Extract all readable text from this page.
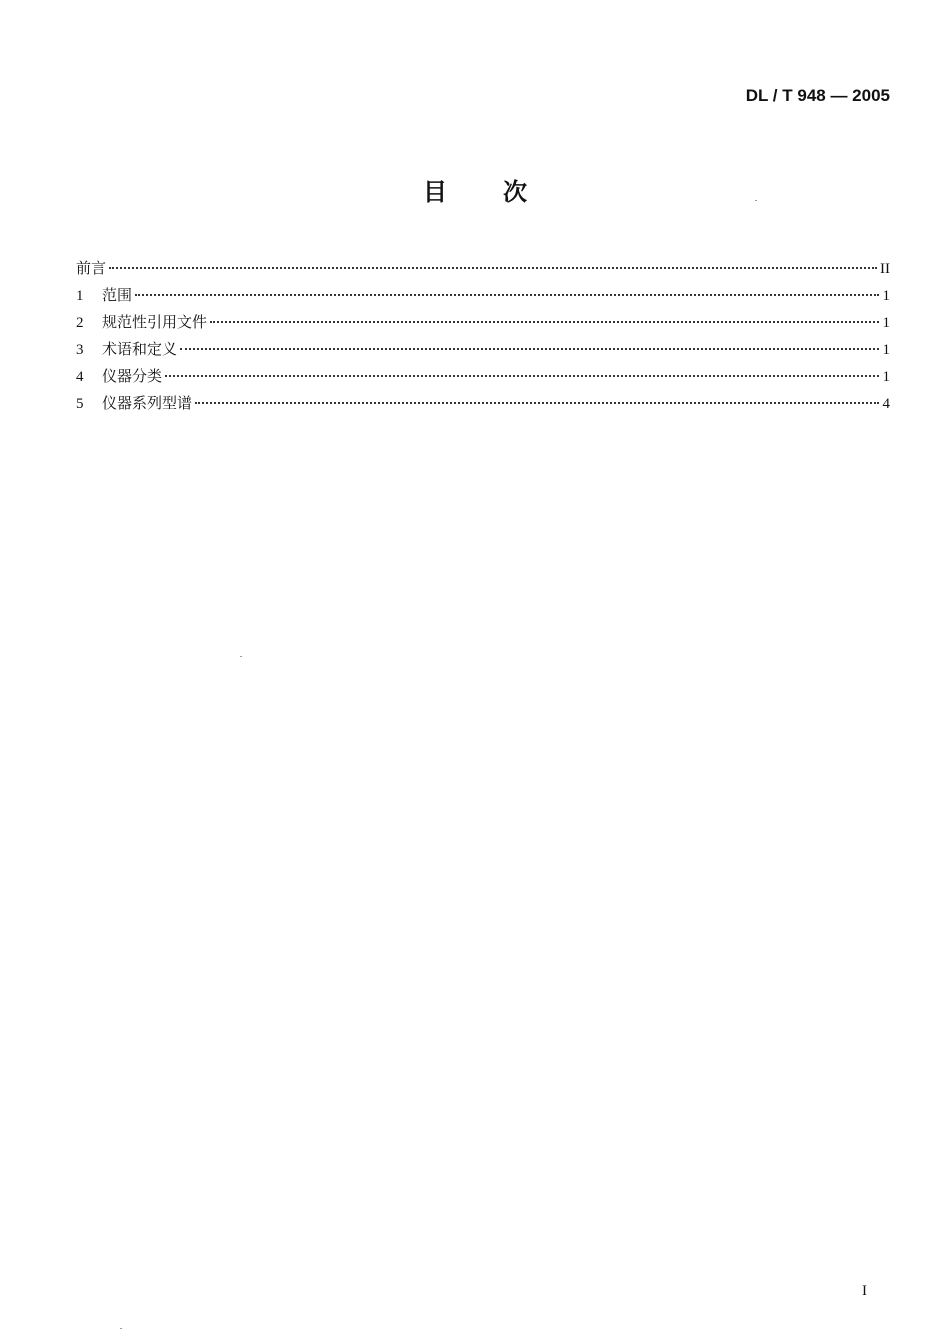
DL / T 948 — 2005
目次
前言	II
1	范围	1
2	规范性引用文件	1
3	术语和定义	1
4	仪器分类	1
5	仪器系列型谱	4
I
